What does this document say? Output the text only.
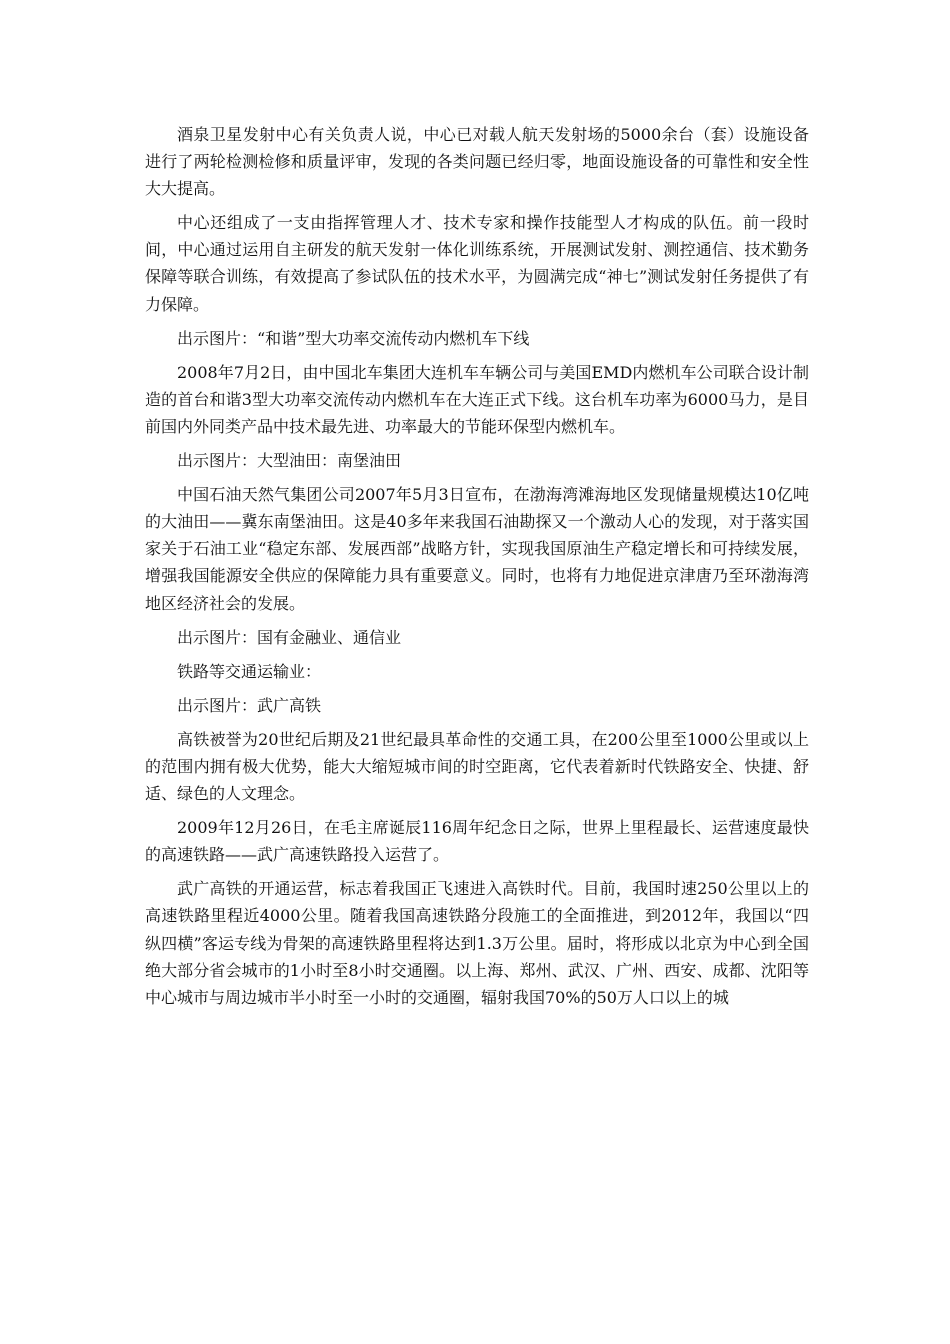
酒泉卫星发射中心有关负责人说，中心已对载人航天发射场的5000余台（套）设施设备进行了两轮检测检修和质量评审，发现的各类问题已经归零，地面设施设备的可靠性和安全性大大提高。

中心还组成了一支由指挥管理人才、技术专家和操作技能型人才构成的队伍。前一段时间，中心通过运用自主研发的航天发射一体化训练系统，开展测试发射、测控通信、技术勤务保障等联合训练，有效提高了参试队伍的技术水平，为圆满完成“神七”测试发射任务提供了有力保障。

出示图片：“和谐”型大功率交流传动内燃机车下线

2008年7月2日，由中国北车集团大连机车车辆公司与美国EMD内燃机车公司联合设计制造的首台和谐3型大功率交流传动内燃机车在大连正式下线。这台机车功率为6000马力，是目前国内外同类产品中技术最先进、功率最大的节能环保型内燃机车。

出示图片：大型油田：南堡油田

中国石油天然气集团公司2007年5月3日宣布，在渤海湾滩海地区发现储量规模达10亿吨的大油田——冀东南堡油田。这是40多年来我国石油勘探又一个激动人心的发现，对于落实国家关于石油工业“稳定东部、发展西部”战略方针，实现我国原油生产稳定增长和可持续发展，增强我国能源安全供应的保障能力具有重要意义。同时，也将有力地促进京津唐乃至环渤海湾地区经济社会的发展。

出示图片：国有金融业、通信业

铁路等交通运输业：

出示图片：武广高铁

高铁被誉为20世纪后期及21世纪最具革命性的交通工具，在200公里至1000公里或以上的范围内拥有极大优势，能大大缩短城市间的时空距离，它代表着新时代铁路安全、快捷、舒适、绿色的人文理念。

2009年12月26日，在毛主席诞辰116周年纪念日之际，世界上里程最长、运营速度最快的高速铁路——武广高速铁路投入运营了。

武广高铁的开通运营，标志着我国正飞速进入高铁时代。目前，我国时速250公里以上的高速铁路里程近4000公里。随着我国高速铁路分段施工的全面推进，到2012年，我国以“四纵四横”客运专线为骨架的高速铁路里程将达到1.3万公里。届时，将形成以北京为中心到全国绝大部分省会城市的1小时至8小时交通圈。以上海、郑州、武汉、广州、西安、成都、沈阳等中心城市与周边城市半小时至一小时的交通圈，辐射我国70%的50万人口以上的城
